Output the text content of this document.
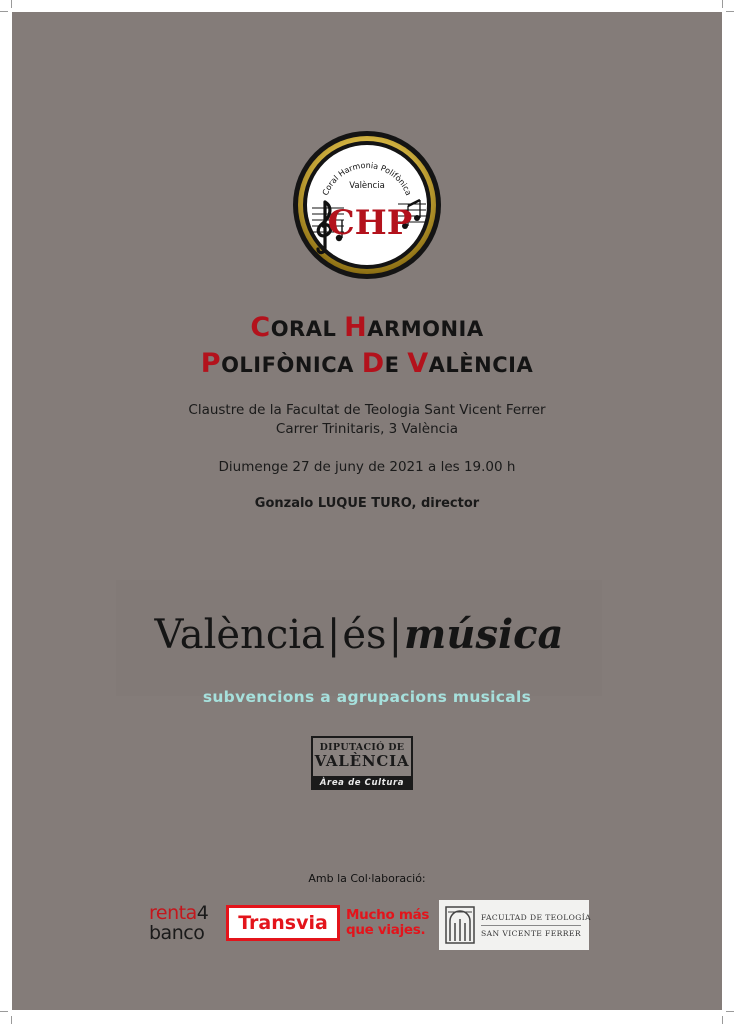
Coral Harmonia Polifònica
València
CHP
CORAL HARMONIA
POLIFÒNICA DE VALÈNCIA
Claustre de la Facultat de Teologia Sant Vicent Ferrer
Carrer Trinitaris, 3 València
Diumenge 27 de juny de 2021 a les 19.00 h
Gonzalo LUQUE TURO, director
València|és|música
subvencions a agrupacions musicals
DIPUTACIÓ DE
VALÈNCIA
Àrea de Cultura
Amb la Col·laboració:
renta4
banco	Transvia	Mucho más
que viajes.
FACULTAD DE TEOLOGÍA
SAN VICENTE FERRER
